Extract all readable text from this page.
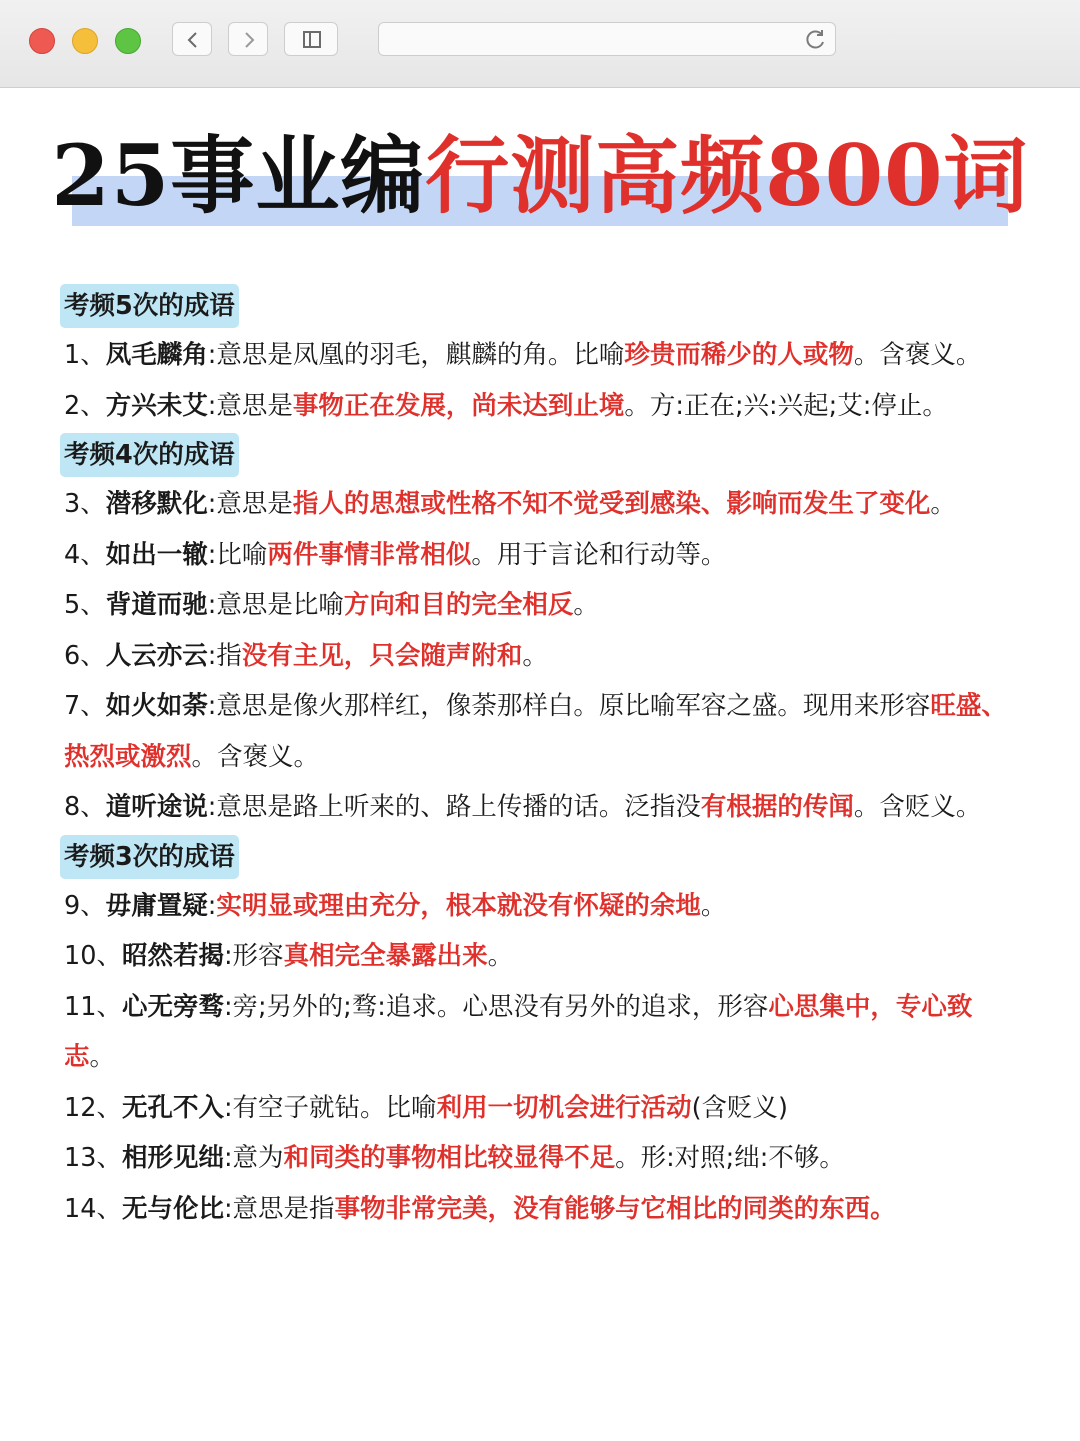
25事业编行测高频800词
考频5次的成语
1、凤毛麟角:意思是凤凰的羽毛，麒麟的角。比喻珍贵而稀少的人或物。含褒义。
2、方兴未艾:意思是事物正在发展，尚未达到止境。方:正在;兴:兴起;艾:停止。
考频4次的成语
3、潜移默化:意思是指人的思想或性格不知不觉受到感染、影响而发生了变化。
4、如出一辙:比喻两件事情非常相似。用于言论和行动等。
5、背道而驰:意思是比喻方向和目的完全相反。
6、人云亦云:指没有主见，只会随声附和。
7、如火如荼:意思是像火那样红，像荼那样白。原比喻军容之盛。现用来形容旺盛、热烈或激烈。含褒义。
8、道听途说:意思是路上听来的、路上传播的话。泛指没有根据的传闻。含贬义。
考频3次的成语
9、毋庸置疑:实明显或理由充分，根本就没有怀疑的余地。
10、昭然若揭:形容真相完全暴露出来。
11、心无旁骛:旁;另外的;骛:追求。心思没有另外的追求，形容心思集中，专心致志。
12、无孔不入:有空子就钻。比喻利用一切机会进行活动(含贬义)
13、相形见绌:意为和同类的事物相比较显得不足。形:对照;绌:不够。
14、无与伦比:意思是指事物非常完美，没有能够与它相比的同类的东西。
